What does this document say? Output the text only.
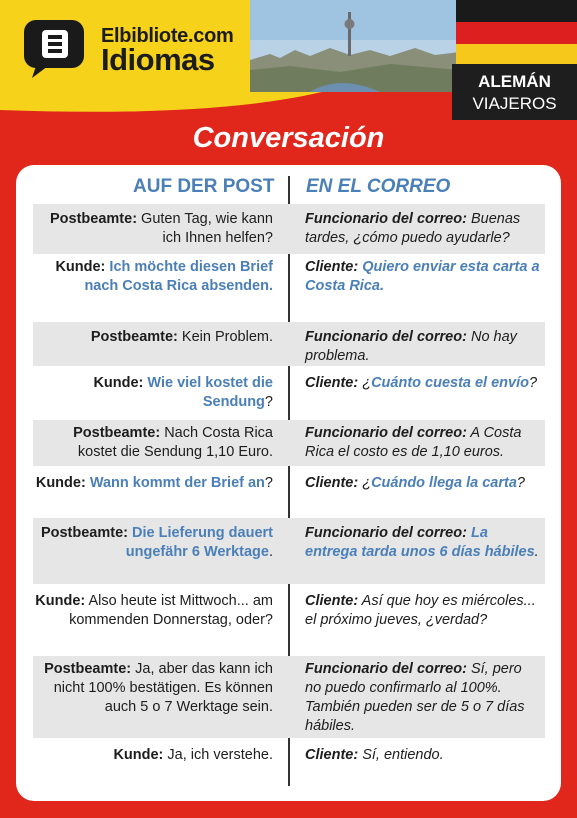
Elbibliote.com
Idiomas
ALEMÁN
VIAJEROS
Conversación
AUF DER POST EN EL CORREO
Postbeamte: Guten Tag, wie kann ich Ihnen helfen?
Funcionario del correo: Buenas tardes, ¿cómo puedo ayudarle?
Kunde: Ich möchte diesen Brief nach Costa Rica absenden.
Cliente: Quiero enviar esta carta a Costa Rica.
Postbeamte: Kein Problem. Funcionario del correo: No hay problema.
Kunde: Wie viel kostet die Sendung?
Cliente: ¿Cuánto cuesta el envío?
Postbeamte: Nach Costa Rica kostet die Sendung 1,10 Euro.
Funcionario del correo: A Costa Rica el costo es de 1,10 euros.
Kunde: Wann kommt der Brief an? Cliente: ¿Cuándo llega la carta?
Postbeamte: Die Lieferung dauert ungefähr 6 Werktage.
Funcionario del correo: La entrega tarda unos 6 días hábiles.
Kunde: Also heute ist Mittwoch... am kommenden Donnerstag, oder?
Cliente: Así que hoy es miércoles... el próximo jueves, ¿verdad?
Postbeamte: Ja, aber das kann ich nicht 100% bestätigen. Es können auch 5 o 7 Werktage sein.
Funcionario del correo: Sí, pero no puedo confirmarlo al 100%. También pueden ser de 5 o 7 días hábiles.
Kunde: Ja, ich verstehe. Cliente: Sí, entiendo.
